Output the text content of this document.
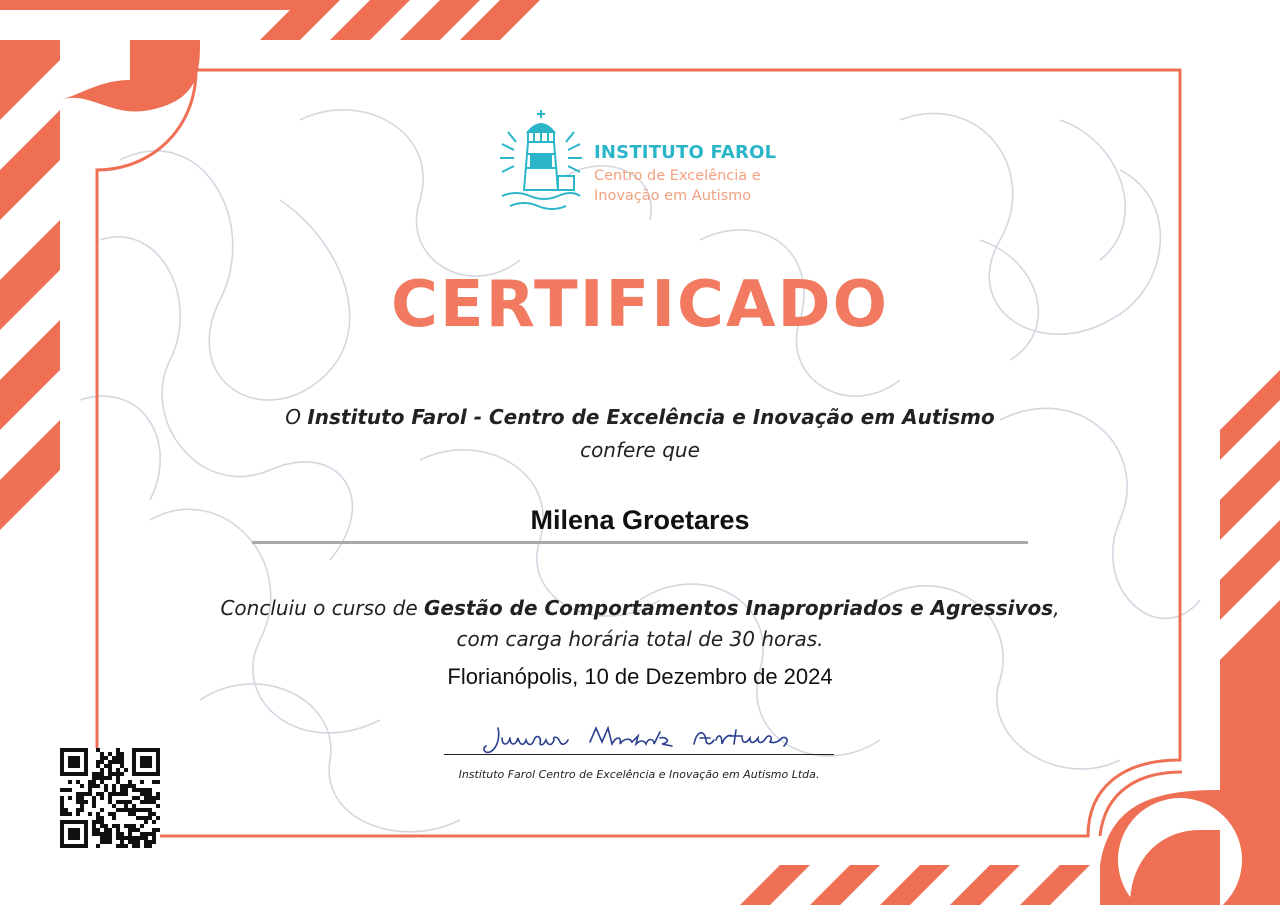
INSTITUTO FAROL
Centro de Excelência e Inovação em Autismo
CERTIFICADO
O Instituto Farol - Centro de Excelência e Inovação em Autismo
confere que
Milena Groetares
Concluiu o curso de Gestão de Comportamentos Inapropriados e Agressivos,
com carga horária total de 30 horas.
Florianópolis, 10 de Dezembro de 2024
Instituto Farol Centro de Excelência e Inovação em Autismo Ltda.
